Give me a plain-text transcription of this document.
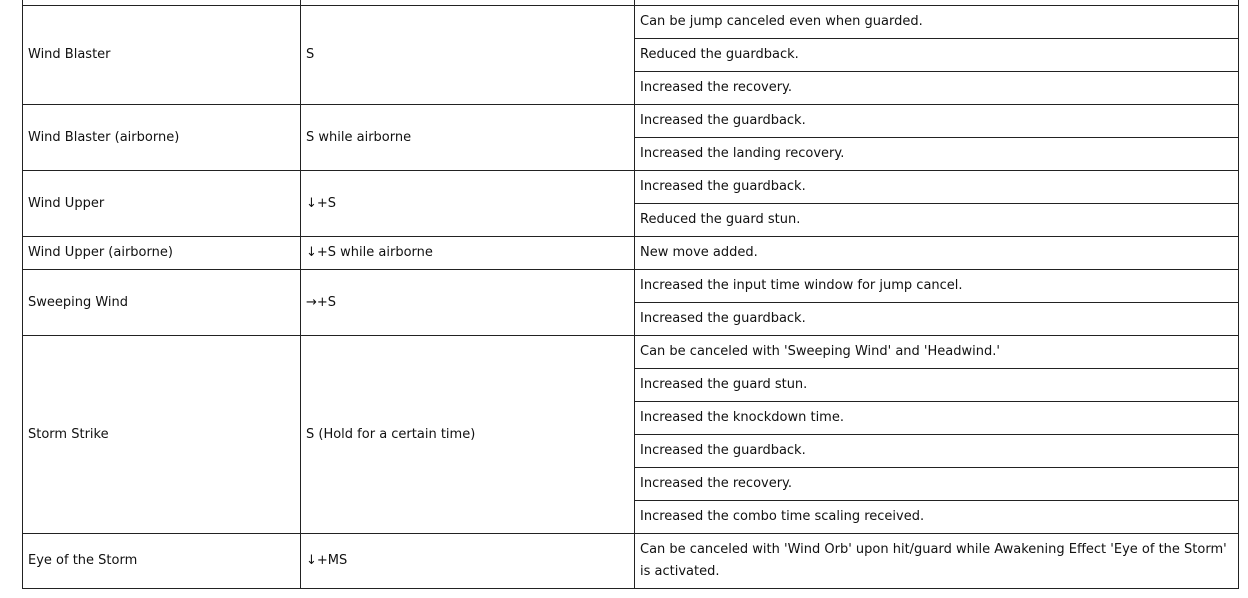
Wind Blaster	S	Can be jump canceled even when guarded.
		Reduced the guardback.
		Increased the recovery.
Wind Blaster (airborne)	S while airborne	Increased the guardback.
		Increased the landing recovery.
Wind Upper	↓+S	Increased the guardback.
		Reduced the guard stun.
Wind Upper (airborne)	↓+S while airborne	New move added.
Sweeping Wind	→+S	Increased the input time window for jump cancel.
		Increased the guardback.
Storm Strike	S (Hold for a certain time)	Can be canceled with 'Sweeping Wind' and 'Headwind.'
		Increased the guard stun.
		Increased the knockdown time.
		Increased the guardback.
		Increased the recovery.
		Increased the combo time scaling received.
Eye of the Storm	↓+MS	Can be canceled with 'Wind Orb' upon hit/guard while Awakening Effect 'Eye of the Storm' is activated.
